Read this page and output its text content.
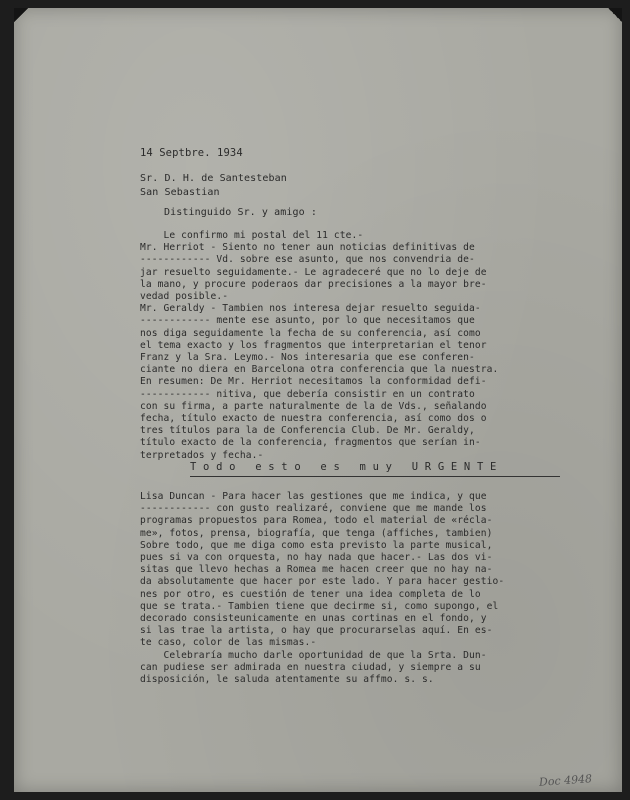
14 Septbre. 1934
Sr. D. H. de Santesteban
San Sebastian
Distinguido Sr. y amigo :
Le confirmo mi postal del 11 cte.-
Mr. Herriot - Siento no tener aun noticias definitivas de
------------ Vd. sobre ese asunto, que nos convendria de-
jar resuelto seguidamente.- Le agradeceré que no lo deje de
la mano, y procure poderaos dar precisiones a la mayor bre-
vedad posible.-
Mr. Geraldy - Tambien nos interesa dejar resuelto seguida-
------------ mente ese asunto, por lo que necesitamos que
nos diga seguidamente la fecha de su conferencia, así como
el tema exacto y los fragmentos que interpretarian el tenor
Franz y la Sra. Leymo.- Nos interesaria que ese conferen-
ciante no diera en Barcelona otra conferencia que la nuestra.
En resumen: De Mr. Herriot necesitamos la conformidad defi-
------------ nitiva, que debería consistir en un contrato
con su firma, a parte naturalmente de la de Vds., señalando
fecha, título exacto de nuestra conferencia, así como dos o
tres títulos para la de Conferencia Club. De Mr. Geraldy,
título exacto de la conferencia, fragmentos que serían in-
terpretados y fecha.-
T o d o   e s t o   e s   m u y   U R G E N T E
Lisa Duncan - Para hacer las gestiones que me indica, y que
------------ con gusto realizaré, conviene que me mande los
programas propuestos para Romea, todo el material de «récla-
me», fotos, prensa, biografía, que tenga (affiches, tambien)
Sobre todo, que me diga como esta previsto la parte musical,
pues si va con orquesta, no hay nada que hacer.- Las dos vi-
sitas que llevo hechas a Romea me hacen creer que no hay na-
da absolutamente que hacer por este lado. Y para hacer gestio-
nes por otro, es cuestión de tener una idea completa de lo
que se trata.- Tambien tiene que decirme si, como supongo, el
decorado consisteunicamente en unas cortinas en el fondo, y
si las trae la artista, o hay que procurarselas aquí. En es-
te caso, color de las mismas.-
Celebraría mucho darle oportunidad de que la Srta. Dun-
can pudiese ser admirada en nuestra ciudad, y siempre a su
disposición, le saluda atentamente su affmo. s. s.
Doc 4948
